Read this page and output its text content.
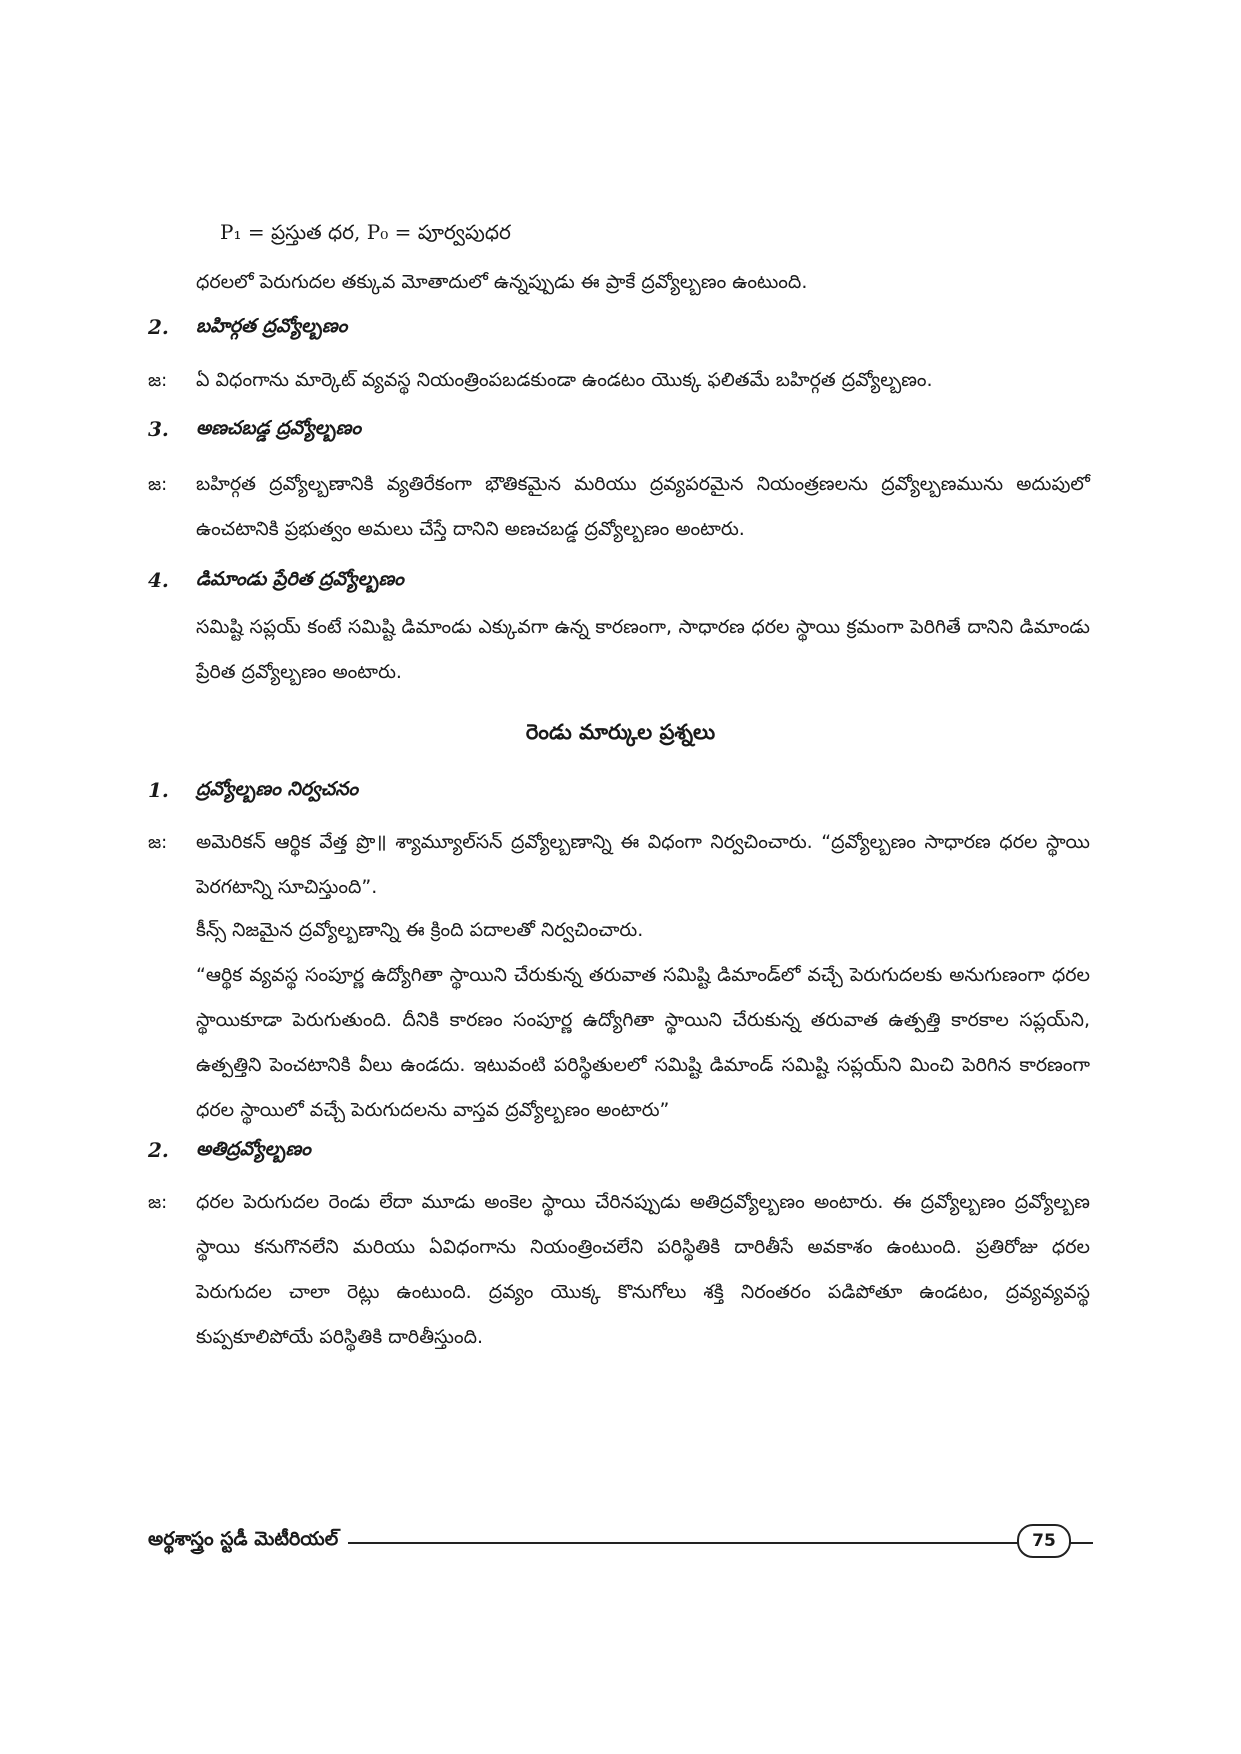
P₁ = ప్రస్తుత ధర, P₀ = పూర్వపుధర
ధరలలో పెరుగుదల తక్కువ మోతాదులో ఉన్నప్పుడు ఈ ప్రాకే ద్రవ్యోల్బణం ఉంటుంది.
2. బహిర్గత ద్రవ్యోల్బణం
జ: ఏ విధంగాను మార్కెట్ వ్యవస్థ నియంత్రింపబడకుండా ఉండటం యొక్క ఫలితమే బహిర్గత ద్రవ్యోల్బణం.
3. అణచబడ్డ ద్రవ్యోల్బణం
జ: బహిర్గత ద్రవ్యోల్బణానికి వ్యతిరేకంగా భౌతికమైన మరియు ద్రవ్యపరమైన నియంత్రణలను ద్రవ్యోల్బణమును అదుపులో ఉంచటానికి ప్రభుత్వం అమలు చేస్తే దానిని అణచబడ్డ ద్రవ్యోల్బణం అంటారు.
4. డిమాండు ప్రేరిత ద్రవ్యోల్బణం
సమిష్టి సప్లయ్ కంటే సమిష్టి డిమాండు ఎక్కువగా ఉన్న కారణంగా, సాధారణ ధరల స్థాయి క్రమంగా పెరిగితే దానిని డిమాండు ప్రేరిత ద్రవ్యోల్బణం అంటారు.
రెండు మార్కుల ప్రశ్నలు
1. ద్రవ్యోల్బణం నిర్వచనం
జ: అమెరికన్ ఆర్థిక వేత్త ప్రొ॥ శ్యామ్యూల్‌సన్ ద్రవ్యోల్బణాన్ని ఈ విధంగా నిర్వచించారు. “ద్రవ్యోల్బణం సాధారణ ధరల స్థాయి పెరగటాన్ని సూచిస్తుంది”.
కీన్స్ నిజమైన ద్రవ్యోల్బణాన్ని ఈ క్రింది పదాలతో నిర్వచించారు.
“ఆర్థిక వ్యవస్థ సంపూర్ణ ఉద్యోగితా స్థాయిని చేరుకున్న తరువాత సమిష్టి డిమాండ్‌లో వచ్చే పెరుగుదలకు అనుగుణంగా ధరల స్థాయికూడా పెరుగుతుంది. దీనికి కారణం సంపూర్ణ ఉద్యోగితా స్థాయిని చేరుకున్న తరువాత ఉత్పత్తి కారకాల సప్లయ్‌ని, ఉత్పత్తిని పెంచటానికి వీలు ఉండదు. ఇటువంటి పరిస్థితులలో సమిష్టి డిమాండ్ సమిష్టి సప్లయ్‌ని మించి పెరిగిన కారణంగా ధరల స్థాయిలో వచ్చే పెరుగుదలను వాస్తవ ద్రవ్యోల్బణం అంటారు”
2. అతిద్రవ్యోల్బణం
జ: ధరల పెరుగుదల రెండు లేదా మూడు అంకెల స్థాయి చేరినప్పుడు అతిద్రవ్యోల్బణం అంటారు. ఈ ద్రవ్యోల్బణం ద్రవ్యోల్బణ స్థాయి కనుగొనలేని మరియు ఏవిధంగాను నియంత్రించలేని పరిస్థితికి దారితీసే అవకాశం ఉంటుంది. ప్రతిరోజు ధరల పెరుగుదల చాలా రెట్లు ఉంటుంది. ద్రవ్యం యొక్క కొనుగోలు శక్తి నిరంతరం పడిపోతూ ఉండటం, ద్రవ్యవ్యవస్థ కుప్పకూలిపోయే పరిస్థితికి దారితీస్తుంది.
అర్థశాస్త్రం స్టడీ మెటీరియల్	75
